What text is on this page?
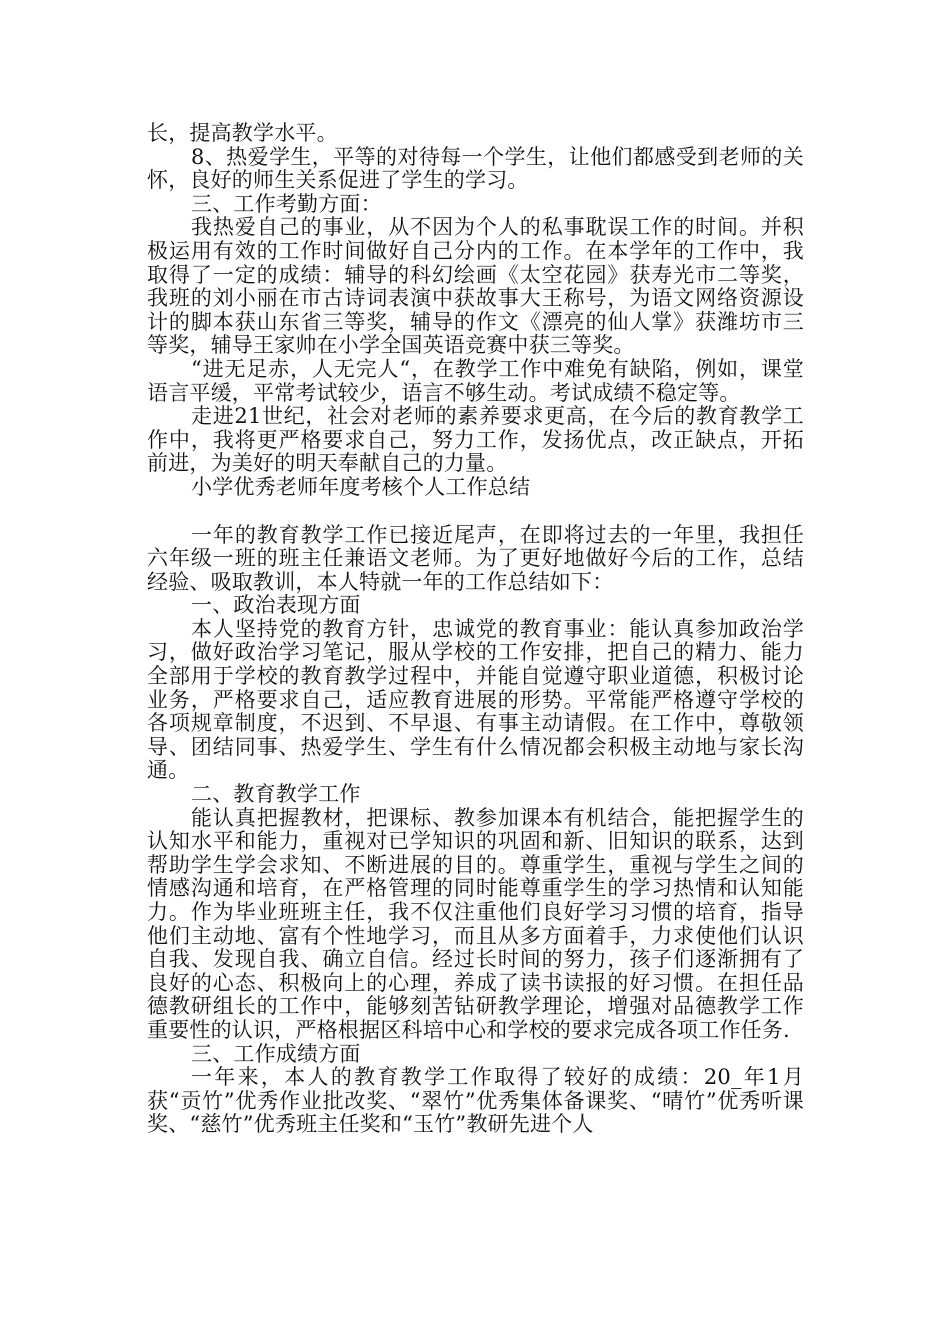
长，提高教学水平。

8、热爱学生，平等的对待每一个学生，让他们都感受到老师的关怀，良好的师生关系促进了学生的学习。

三、工作考勤方面：

我热爱自己的事业，从不因为个人的私事耽误工作的时间。并积极运用有效的工作时间做好自己分内的工作。在本学年的工作中，我取得了一定的成绩：辅导的科幻绘画《太空花园》获寿光市二等奖，我班的刘小丽在市古诗词表演中获故事大王称号，为语文网络资源设计的脚本获山东省三等奖，辅导的作文《漂亮的仙人掌》获潍坊市三等奖，辅导王家帅在小学全国英语竞赛中获三等奖。

“进无足赤，人无完人“，在教学工作中难免有缺陷，例如，课堂语言平缓，平常考试较少，语言不够生动。考试成绩不稳定等。

走进21世纪，社会对老师的素养要求更高，在今后的教育教学工作中，我将更严格要求自己，努力工作，发扬优点，改正缺点，开拓前进，为美好的明天奉献自己的力量。

小学优秀老师年度考核个人工作总结

一年的教育教学工作已接近尾声，在即将过去的一年里，我担任六年级一班的班主任兼语文老师。为了更好地做好今后的工作，总结经验、吸取教训，本人特就一年的工作总结如下：

一、政治表现方面

本人坚持党的教育方针，忠诚党的教育事业：能认真参加政治学习，做好政治学习笔记，服从学校的工作安排，把自己的精力、能力全部用于学校的教育教学过程中，并能自觉遵守职业道德，积极讨论业务，严格要求自己，适应教育进展的形势。平常能严格遵守学校的各项规章制度，不迟到、不早退、有事主动请假。在工作中，尊敬领导、团结同事、热爱学生、学生有什么情况都会积极主动地与家长沟通。

二、教育教学工作

能认真把握教材，把课标、教参加课本有机结合，能把握学生的认知水平和能力，重视对已学知识的巩固和新、旧知识的联系，达到帮助学生学会求知、不断进展的目的。尊重学生，重视与学生之间的情感沟通和培育，在严格管理的同时能尊重学生的学习热情和认知能力。作为毕业班班主任，我不仅注重他们良好学习习惯的培育，指导他们主动地、富有个性地学习，而且从多方面着手，力求使他们认识自我、发现自我、确立自信。经过长时间的努力，孩子们逐渐拥有了良好的心态、积极向上的心理，养成了读书读报的好习惯。在担任品德教研组长的工作中，能够刻苦钻研教学理论，增强对品德教学工作重要性的认识，严格根据区科培中心和学校的要求完成各项工作任务.

三、工作成绩方面

一年来，本人的教育教学工作取得了较好的成绩：20_年1月获“贡竹”优秀作业批改奖、“翠竹”优秀集体备课奖、“晴竹”优秀听课奖、“慈竹”优秀班主任奖和“玉竹”教研先进个人
